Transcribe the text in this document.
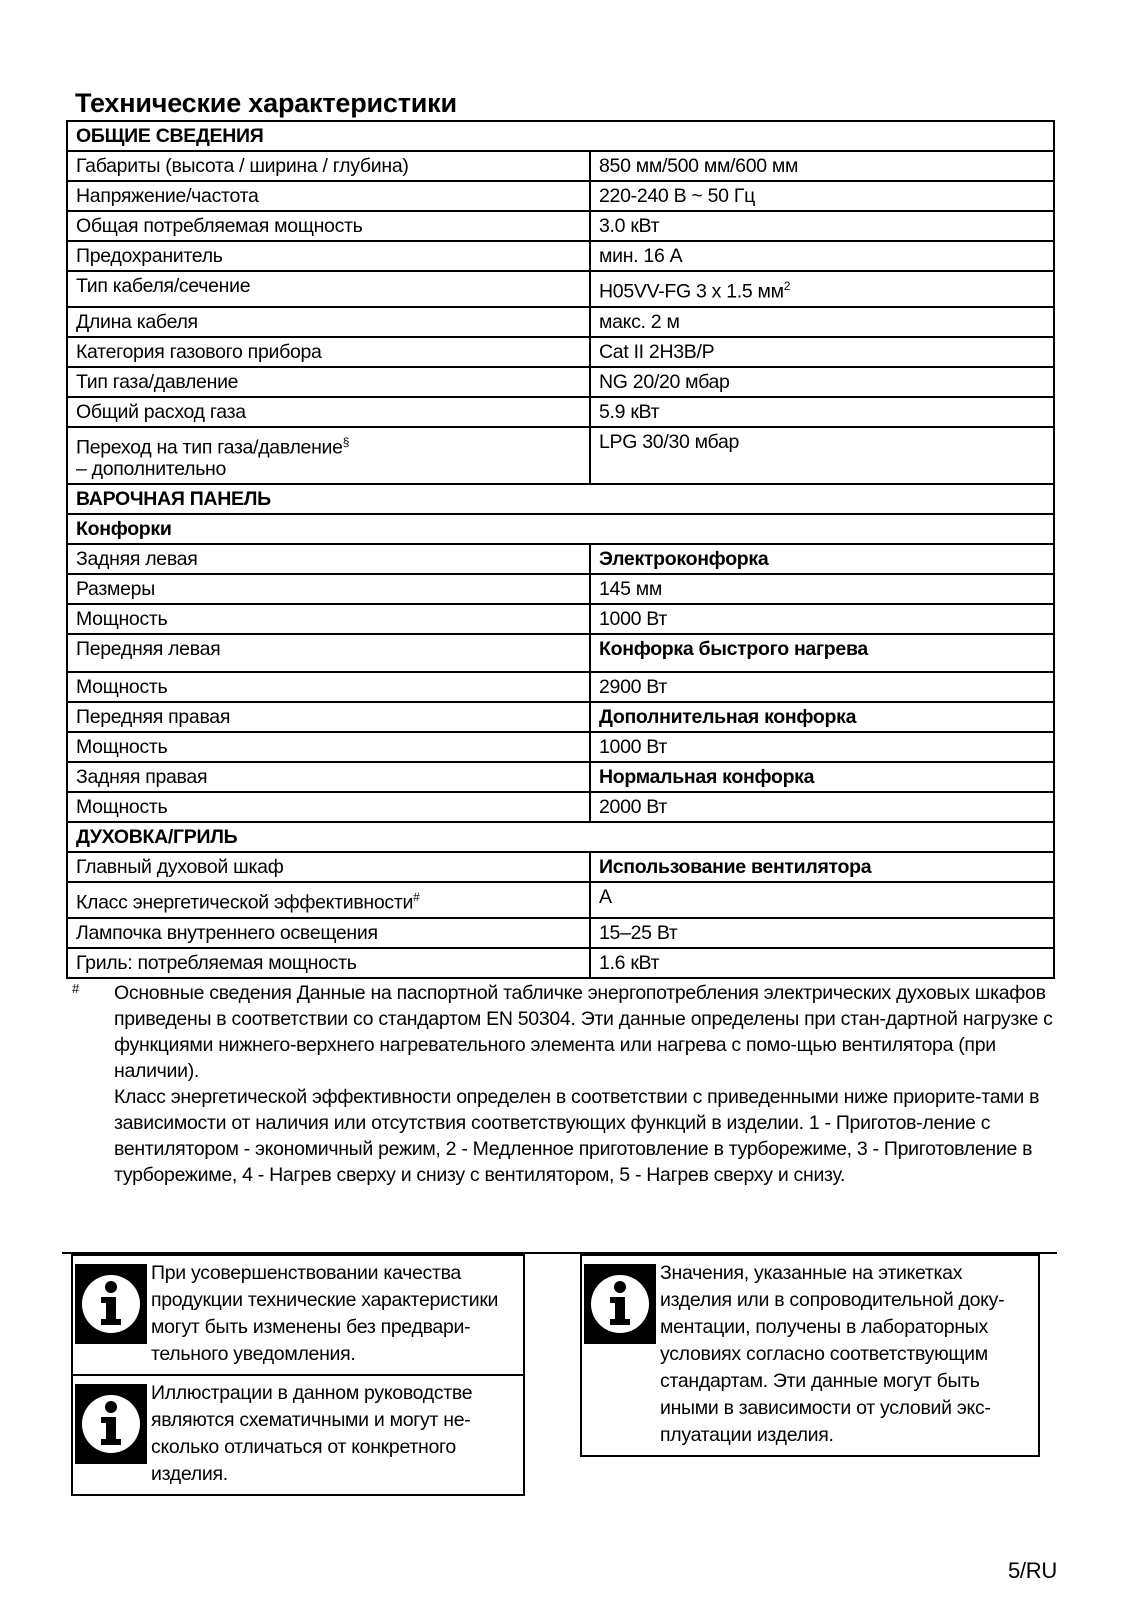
Технические характеристики
ОБЩИЕ СВЕДЕНИЯ	
Габариты (высота / ширина / глубина)	850 мм/500 мм/600 мм
Напряжение/частота	220-240 В ~ 50 Гц
Общая потребляемая мощность	3.0 кВт
Предохранитель	мин. 16 А
Тип кабеля/сечение	H05VV-FG 3 x 1.5 $мм^2$
Длина кабеля	макс. 2 м
Категория газового прибора	Cat II 2H3B/P
Тип газа/давление	NG 20/20 мбар
Общий расход газа	5.9 кВт
Переход на тип газа/давление§
– дополнительно	LPG 30/30 мбар
ВАРОЧНАЯ ПАНЕЛЬ	
Конфорки	
Задняя левая	Электроконфорка
Размеры	145 мм
Мощность	1000 Вт
Передняя левая	Конфорка быстрого нагрева
Мощность	2900 Вт
Передняя правая	Дополнительная конфорка
Мощность	1000 Вт
Задняя правая	Нормальная конфорка
Мощность	2000 Вт
ДУХОВКА/ГРИЛЬ	
Главный духовой шкаф	Использование вентилятора
Класс энергетической эффективности#	A
Лампочка внутреннего освещения	15–25 Вт
Гриль: потребляемая мощность	1.6 кВт
# Основные сведения Данные на паспортной табличке энергопотребления электрических духовых шкафов приведены в соответствии со стандартом EN 50304. Эти данные определены при стан-дартной нагрузке с функциями нижнего-верхнего нагревательного элемента или нагрева с помо-щью вентилятора (при наличии).

Класс энергетической эффективности определен в соответствии с приведенными ниже приорите-тами в зависимости от наличия или отсутствия соответствующих функций в изделии. 1 - Приготов-ление с вентилятором - экономичный режим, 2 - Медленное приготовление в турборежиме, 3 - Приготовление в турборежиме, 4 - Нагрев сверху и снизу с вентилятором, 5 - Нагрев сверху и снизу.

При усовершенствовании качества продукции технические характеристики могут быть изменены без предвари-тельного уведомления.
Иллюстрации в данном руководстве являются схематичными и могут не-сколько отличаться от конкретного изделия.
Значения, указанные на этикетках изделия или в сопроводительной доку-ментации, получены в лабораторных условиях согласно соответствующим стандартам. Эти данные могут быть иными в зависимости от условий экс-плуатации изделия.
5/RU
